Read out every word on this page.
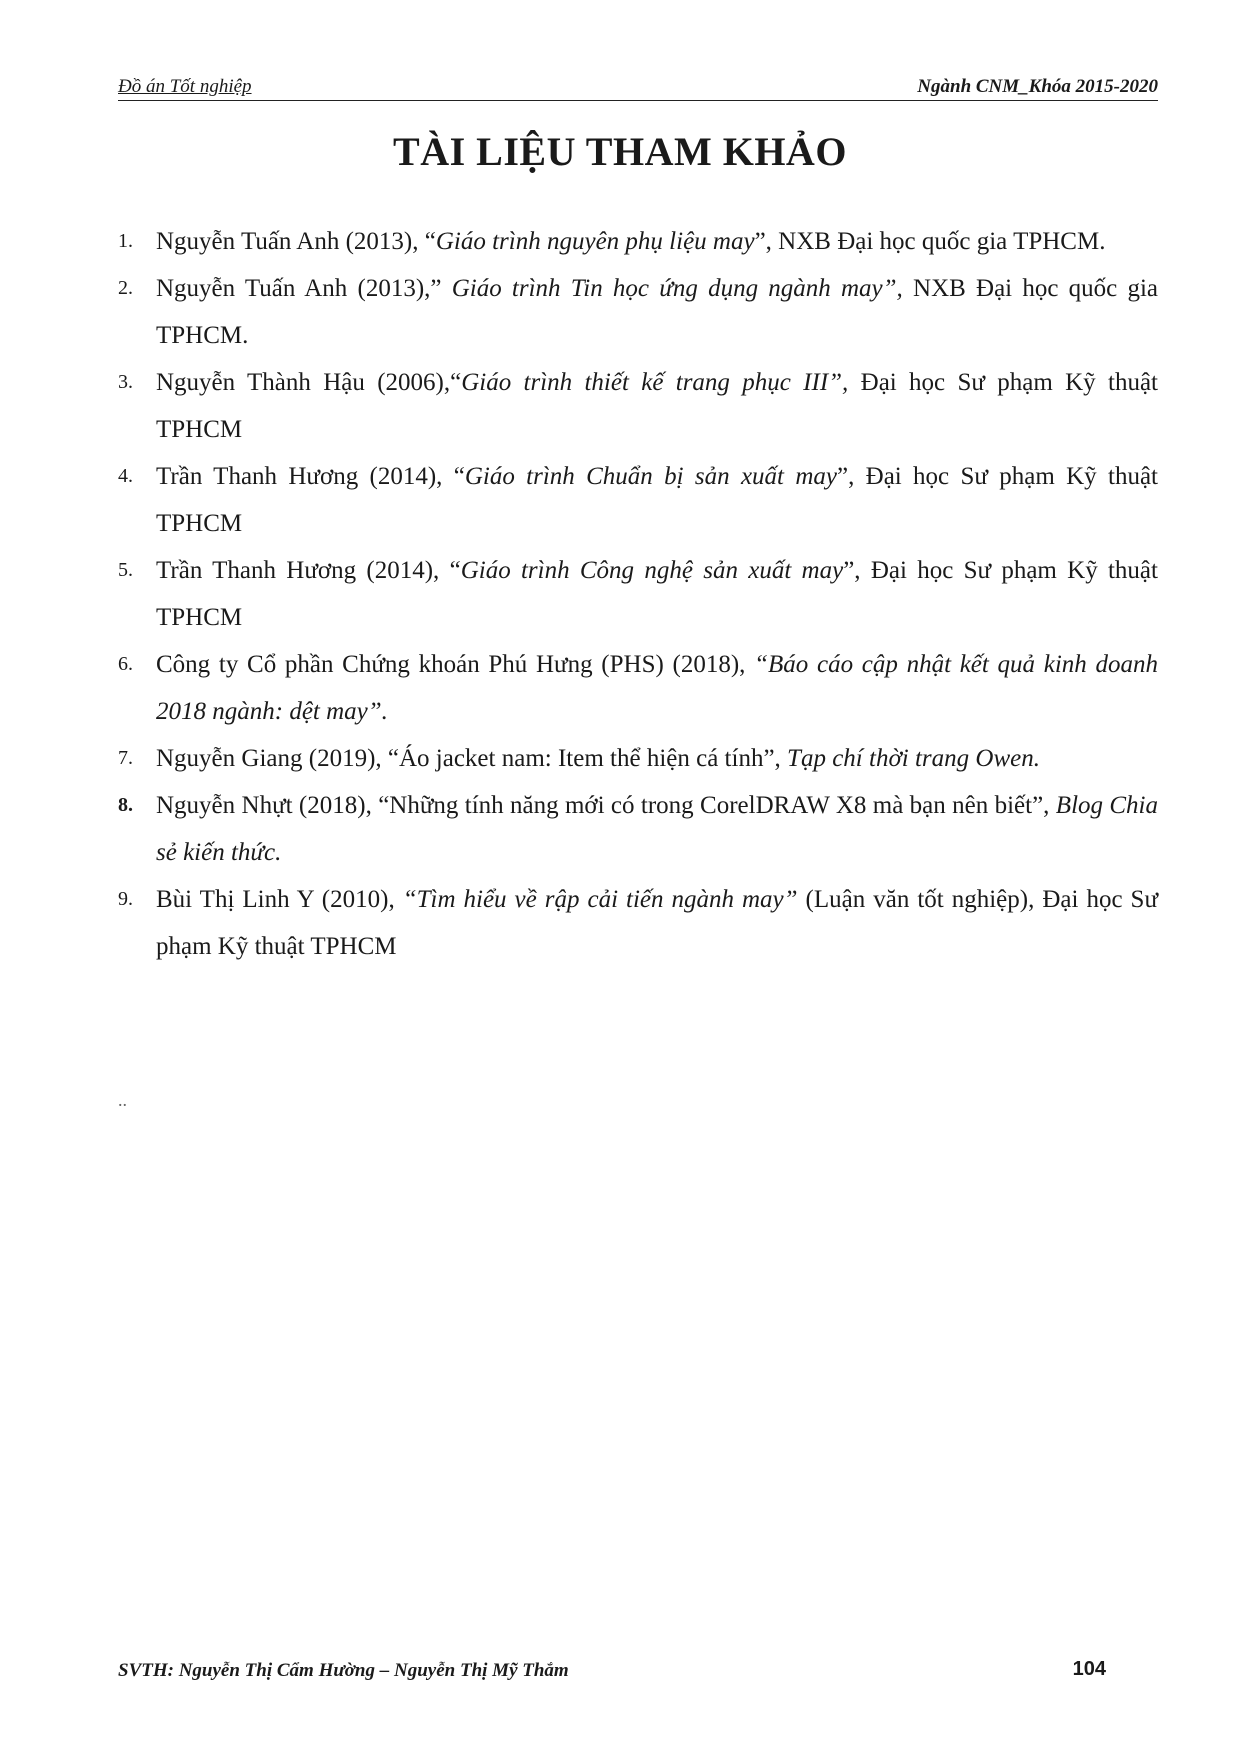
Đồ án Tốt nghiệp	Ngành CNM_Khóa 2015-2020
TÀI LIỆU THAM KHẢO
1. Nguyễn Tuấn Anh (2013), “Giáo trình nguyên phụ liệu may”, NXB Đại học quốc gia TPHCM.
2. Nguyễn Tuấn Anh (2013),” Giáo trình Tin học ứng dụng ngành may”, NXB Đại học quốc gia TPHCM.
3. Nguyễn Thành Hậu (2006),“Giáo trình thiết kế trang phục III”, Đại học Sư phạm Kỹ thuật TPHCM
4. Trần Thanh Hương (2014), “Giáo trình Chuẩn bị sản xuất may”, Đại học Sư phạm Kỹ thuật TPHCM
5. Trần Thanh Hương (2014), “Giáo trình Công nghệ sản xuất may”, Đại học Sư phạm Kỹ thuật TPHCM
6. Công ty Cổ phần Chứng khoán Phú Hưng (PHS) (2018), “Báo cáo cập nhật kết quả kinh doanh 2018 ngành: dệt may”.
7. Nguyễn Giang (2019), “Áo jacket nam: Item thể hiện cá tính”, Tạp chí thời trang Owen.
8. Nguyễn Nhựt (2018), “Những tính năng mới có trong CorelDRAW X8 mà bạn nên biết”, Blog Chia sẻ kiến thức.
9. Bùi Thị Linh Y (2010), “Tìm hiểu về rập cải tiến ngành may” (Luận văn tốt nghiệp), Đại học Sư phạm Kỹ thuật TPHCM
..
SVTH: Nguyễn Thị Cẩm Hường – Nguyễn Thị Mỹ Thắm	104
